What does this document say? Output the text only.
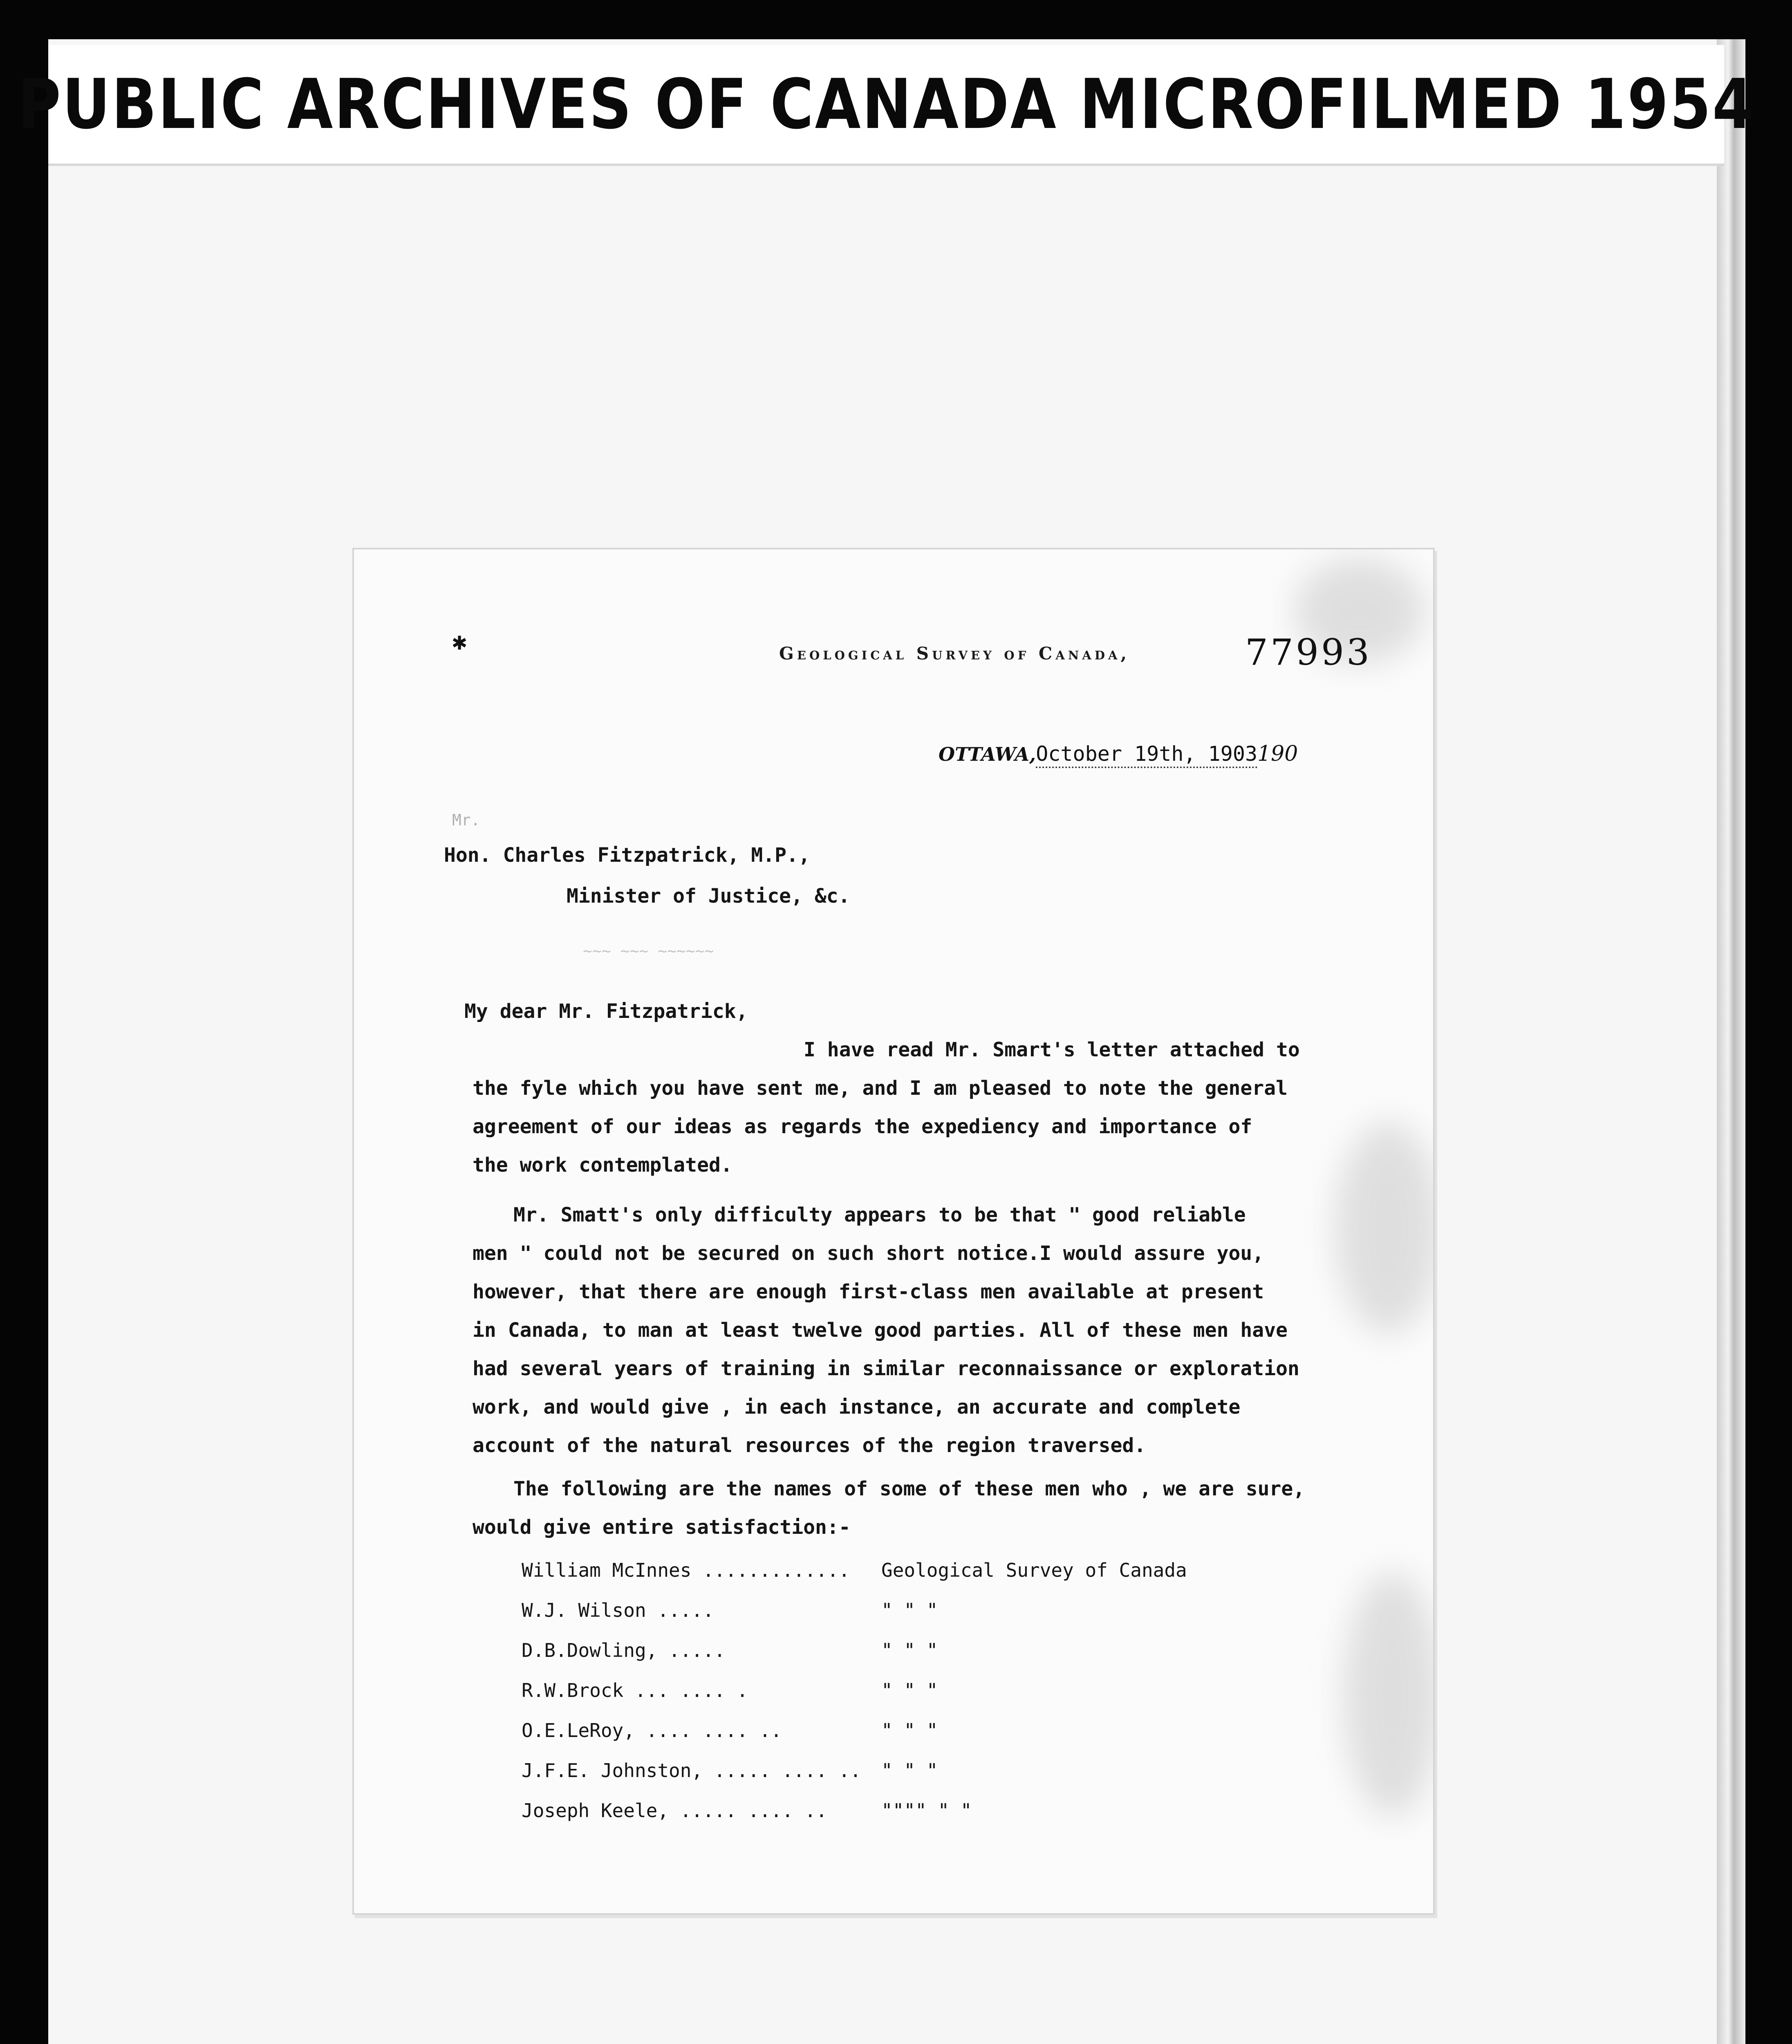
PUBLIC ARCHIVES OF CANADA MICROFILMED 1954
✱	Geological Survey of Canada,	77993
OTTAWA,October 19th, 1903190
Mr.
Hon. Charles Fitzpatrick, M.P.,
Minister of Justice, &c.
~~~ ~~~ ~~~~~~
My dear Mr. Fitzpatrick,
I have read Mr. Smart's letter attached to
the fyle which you have sent me, and I am pleased to note the general
agreement of our ideas as regards the expediency and importance of
the work contemplated.
Mr. Smatt's only difficulty appears to be that " good reliable
men " could not be secured on such short notice.I would assure you,
however, that there are enough first-class men available at present
in Canada, to man at least twelve good parties. All of these men have
had several years of training in similar reconnaissance or exploration
work, and would give , in each instance, an accurate and complete
account of the natural resources of the region traversed.
The following are the names of some of these men who , we are sure,
would give entire satisfaction:-
William McInnes ............. Geological Survey of Canada
W.J. Wilson .....	" " "
D.B.Dowling, .....	" " "
R.W.Brock ... .... .	" " "
O.E.LeRoy, .... .... ..	" " "
J.F.E. Johnston, ..... .... .. " " "
Joseph Keele, ..... .... ..	"""" " "
